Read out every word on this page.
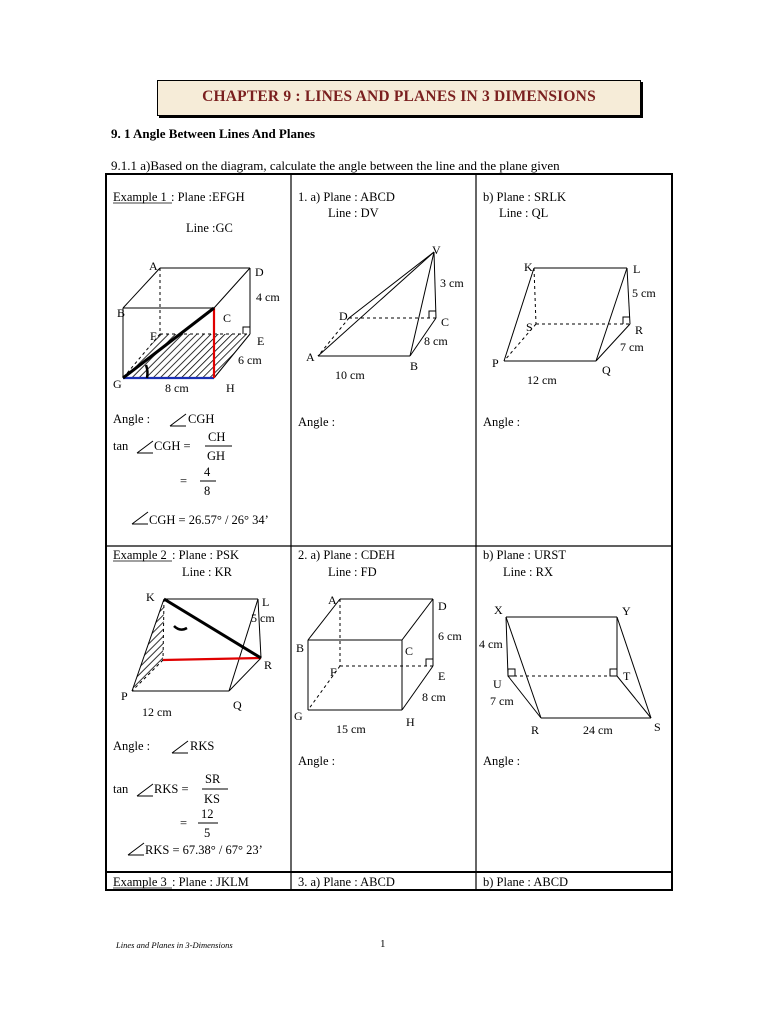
CHAPTER 9 : LINES AND PLANES IN 3 DIMENSIONS
9. 1 Angle Between Lines And Planes
9.1.1 a)Based on the diagram, calculate the angle between the line and the plane given
Example 1 : Plane :EFGH
Line :GC
A	D
B	C
F	E
G	H
4 cm
6 cm
8 cm
Angle :	CGH
tan CGH =
CH
GH
=
4
8
CGH = 26.57° / 26° 34’
1. a) Plane : ABCD
Line : DV
V
D	C
A
B
3 cm
8 cm
10 cm
Angle :
b) Plane : SRLK
Line : QL
K	L
S	R
P	Q
5 cm
7 cm
12 cm
Angle :
Example 2 : Plane : PSK
Line : KR
K	L
R
P
Q
5 cm
12 cm
Angle :	RKS
tan RKS =
SR
KS
=
12
5
RKS = 67.38° / 67° 23’
2. a) Plane : CDEH
Line : FD
A	D
B	C
F	E
G	H
6 cm
8 cm
15 cm
Angle :
b) Plane : URST
Line : RX
X	Y
U
T
R	S
4 cm
7 cm
24 cm
Angle :
Example 3 : Plane : JKLM	3. a) Plane : ABCD	b) Plane : ABCD
Lines and Planes in 3-Dimensions	1
